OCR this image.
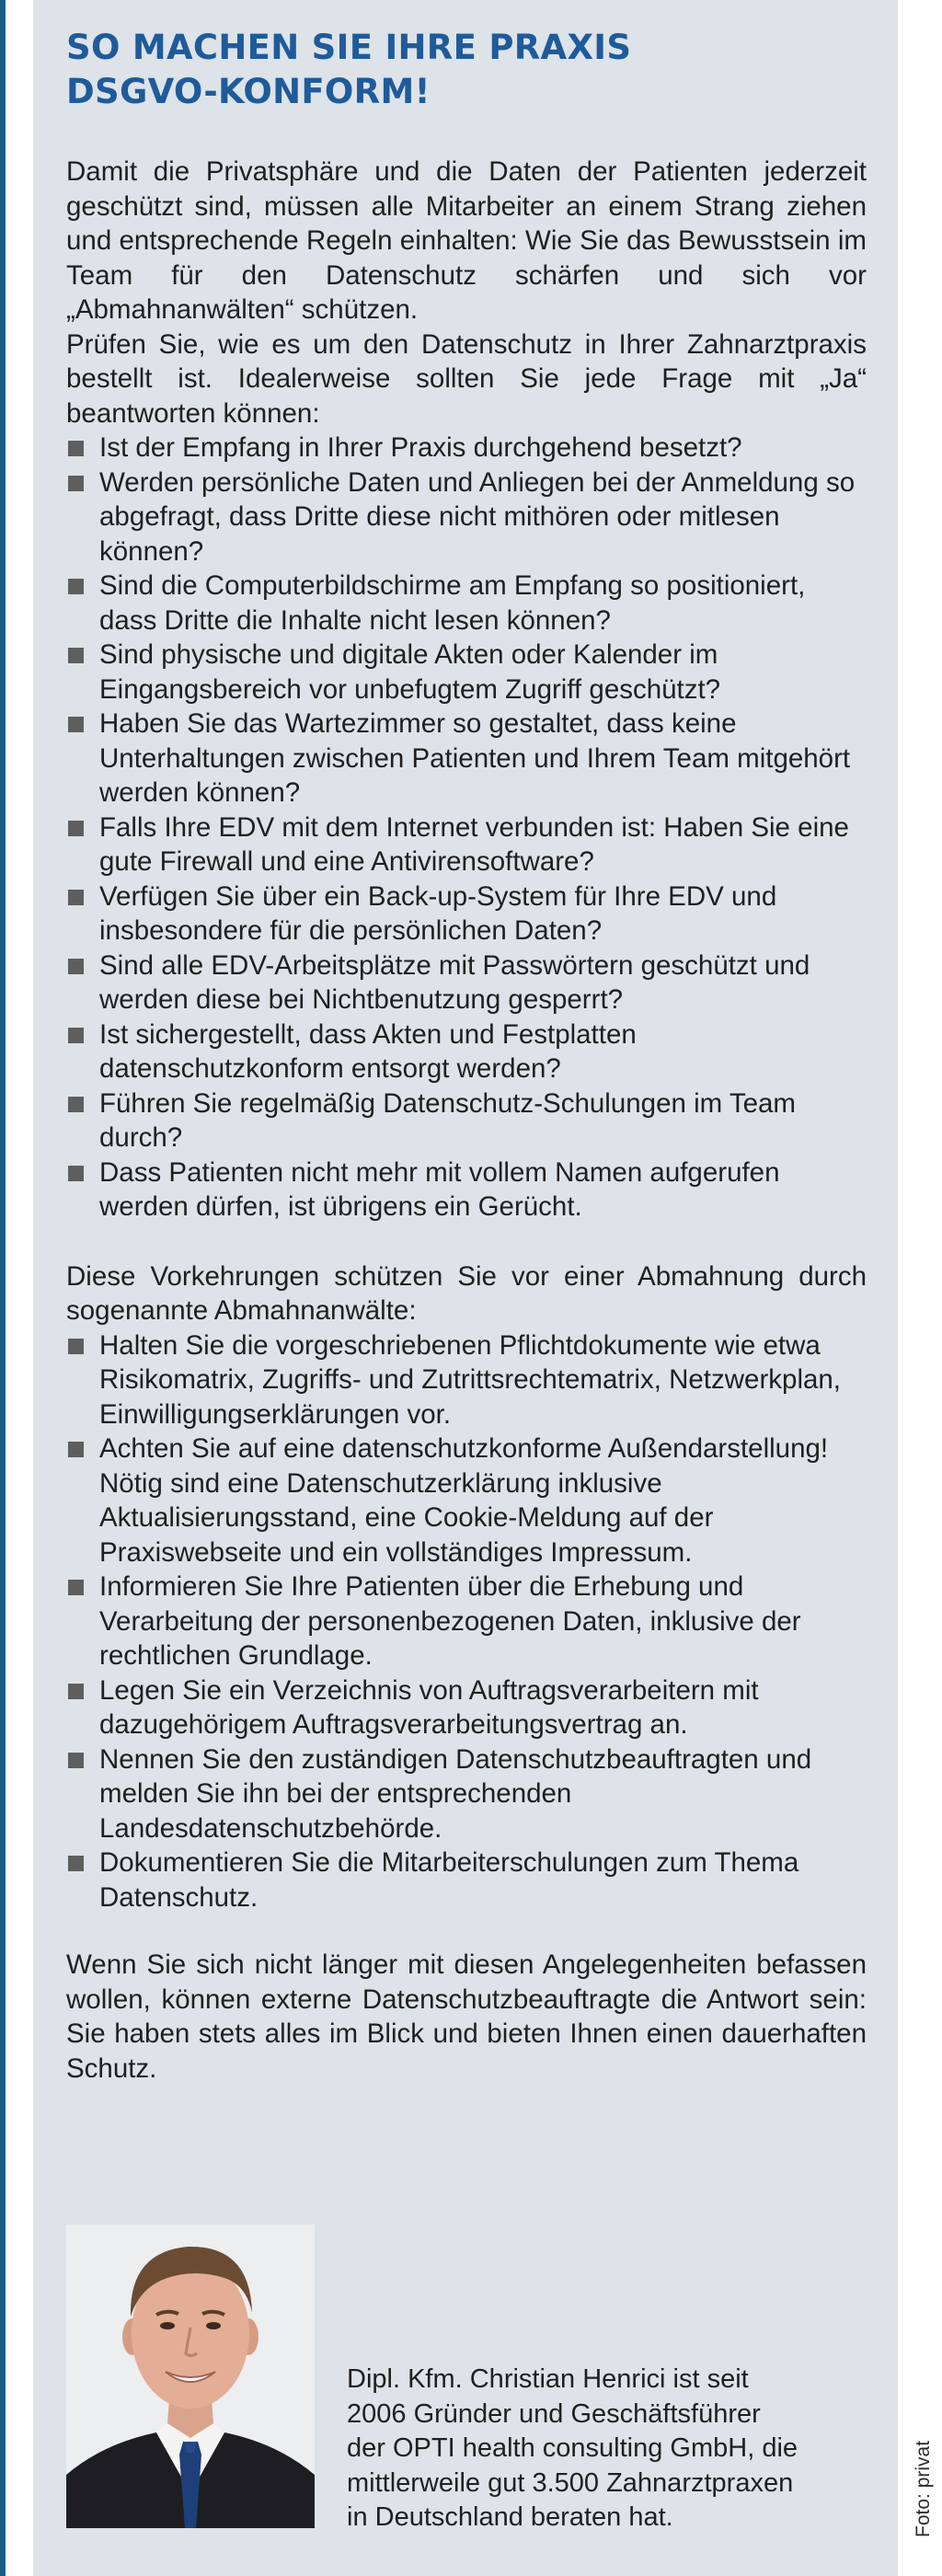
SO MACHEN SIE IHRE PRAXIS
DSGVO-KONFORM!

Damit die Privatsphäre und die Daten der Patienten jederzeit geschützt sind, müssen alle Mitarbeiter an einem Strang ziehen und entsprechende Regeln einhalten: Wie Sie das Bewusstsein im Team für den Datenschutz schärfen und sich vor „Abmahnanwälten“ schützen.

Prüfen Sie, wie es um den Datenschutz in Ihrer Zahnarztpraxis bestellt ist. Idealerweise sollten Sie jede Frage mit „Ja“ beantworten können:

Ist der Empfang in Ihrer Praxis durchgehend besetzt?
Werden persönliche Daten und Anliegen bei der Anmeldung so abgefragt, dass Dritte diese nicht mithören oder mitlesen können?
Sind die Computerbildschirme am Empfang so positioniert, dass Dritte die Inhalte nicht lesen können?
Sind physische und digitale Akten oder Kalender im Eingangsbereich vor unbefugtem Zugriff geschützt?
Haben Sie das Wartezimmer so gestaltet, dass keine Unterhaltungen zwischen Patienten und Ihrem Team mitgehört werden können?
Falls Ihre EDV mit dem Internet verbunden ist: Haben Sie eine gute Firewall und eine Antivirensoftware?
Verfügen Sie über ein Back-up-System für Ihre EDV und insbesondere für die persönlichen Daten?
Sind alle EDV-Arbeitsplätze mit Passwörtern geschützt und werden diese bei Nichtbenutzung gesperrt?
Ist sichergestellt, dass Akten und Festplatten datenschutzkonform entsorgt werden?
Führen Sie regelmäßig Datenschutz-Schulungen im Team durch?
Dass Patienten nicht mehr mit vollem Namen aufgerufen werden dürfen, ist übrigens ein Gerücht.

Diese Vorkehrungen schützen Sie vor einer Abmahnung durch sogenannte Abmahnanwälte:

Halten Sie die vorgeschriebenen Pflichtdokumente wie etwa Risikomatrix, Zugriffs- und Zutrittsrechtematrix, Netzwerkplan, Einwilligungserklärungen vor.
Achten Sie auf eine datenschutzkonforme Außendarstellung! Nötig sind eine Datenschutzerklärung inklusive Aktualisierungsstand, eine Cookie-Meldung auf der Praxiswebseite und ein vollständiges Impressum.
Informieren Sie Ihre Patienten über die Erhebung und Verarbeitung der personenbezogenen Daten, inklusive der rechtlichen Grundlage.
Legen Sie ein Verzeichnis von Auftragsverarbeitern mit dazugehörigem Auftragsverarbeitungsvertrag an.
Nennen Sie den zuständigen Datenschutzbeauftragten und melden Sie ihn bei der entsprechenden Landesdatenschutzbehörde.
Dokumentieren Sie die Mitarbeiterschulungen zum Thema Datenschutz.

Wenn Sie sich nicht länger mit diesen Angelegenheiten befassen wollen, können externe Datenschutzbeauftragte die Antwort sein: Sie haben stets alles im Blick und bieten Ihnen einen dauerhaften Schutz.

Dipl. Kfm. Christian Henrici ist seit
2006 Gründer und Geschäftsführer
der OPTI health consulting GmbH, die
mittlerweile gut 3.500 Zahnarztpraxen
in Deutschland beraten hat.	Foto: privat
